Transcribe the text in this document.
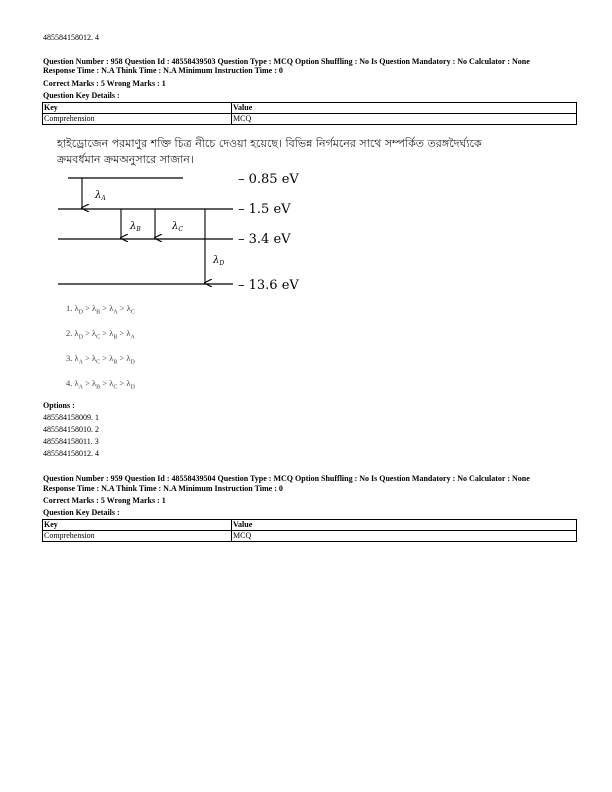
485584158012. 4
Question Number : 958 Question Id : 48558439503 Question Type : MCQ Option Shuffling : No Is Question Mandatory : No Calculator : None
Response Time : N.A Think Time : N.A Minimum Instruction Time : 0
Correct Marks : 5 Wrong Marks : 1
Question Key Details :
Key	Value
Comprehension	MCQ
হাইড্রোজেন পরমাণুর শক্তি চিত্র নীচে দেওয়া হয়েছে। বিভিন্ন নির্গমনের সাথে সম্পর্কিত তরঙ্গদৈর্ঘ্যকে
ক্রমবর্ধমান ক্রমঅনুসারে সাজান।
– 0.85 eV
– 1.5 eV
– 3.4 eV
– 13.6 eV
$\lambda_A$
$\lambda_B$	$\lambda_C$
$\lambda_D$
1. $\lambda_D > \lambda_B > \lambda_A > \lambda_C$
2. $\lambda_D > \lambda_C > \lambda_B > \lambda_A$
3. $\lambda_A > \lambda_C > \lambda_B > \lambda_D$
4. $\lambda_A > \lambda_B > \lambda_C > \lambda_D$
Options :
485584158009. 1
485584158010. 2
485584158011. 3
485584158012. 4
Question Number : 959 Question Id : 48558439504 Question Type : MCQ Option Shuffling : No Is Question Mandatory : No Calculator : None
Response Time : N.A Think Time : N.A Minimum Instruction Time : 0
Correct Marks : 5 Wrong Marks : 1
Question Key Details :
Key	Value
Comprehension	MCQ
